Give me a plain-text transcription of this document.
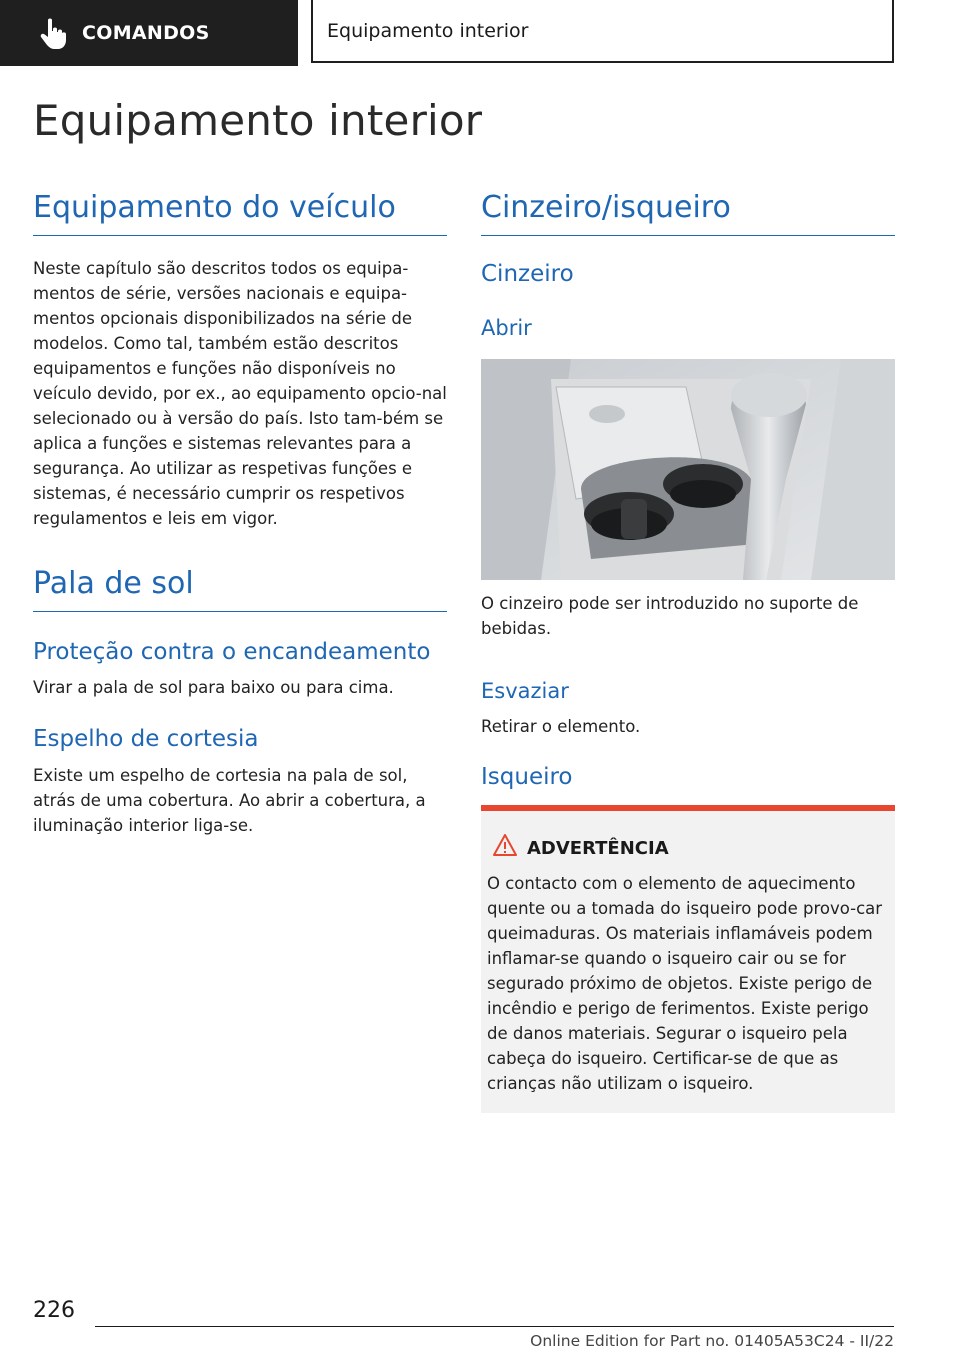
COMANDOS	Equipamento interior
Equipamento interior
Equipamento do veículo

Neste capítulo são descritos todos os equipa-mentos de série, versões nacionais e equipa-mentos opcionais disponibilizados na série de modelos. Como tal, também estão descritos equipamentos e funções não disponíveis no veículo devido, por ex., ao equipamento opcio-nal selecionado ou à versão do país. Isto tam-bém se aplica a funções e sistemas relevantes para a segurança. Ao utilizar as respetivas funções e sistemas, é necessário cumprir os respetivos regulamentos e leis em vigor.

Pala de sol
Proteção contra o encandeamento

Virar a pala de sol para baixo ou para cima.

Espelho de cortesia

Existe um espelho de cortesia na pala de sol, atrás de uma cobertura. Ao abrir a cobertura, a iluminação interior liga-se.

Cinzeiro/isqueiro
Cinzeiro
Abrir

O cinzeiro pode ser introduzido no suporte de bebidas.

Esvaziar

Retirar o elemento.

Isqueiro
ADVERTÊNCIA

O contacto com o elemento de aquecimento quente ou a tomada do isqueiro pode provo-car queimaduras. Os materiais inflamáveis podem inflamar-se quando o isqueiro cair ou se for segurado próximo de objetos. Existe perigo de incêndio e perigo de ferimentos. Existe perigo de danos materiais. Segurar o isqueiro pela cabeça do isqueiro. Certificar-se de que as crianças não utilizam o isqueiro.

226
Online Edition for Part no. 01405A53C24 - II/22
